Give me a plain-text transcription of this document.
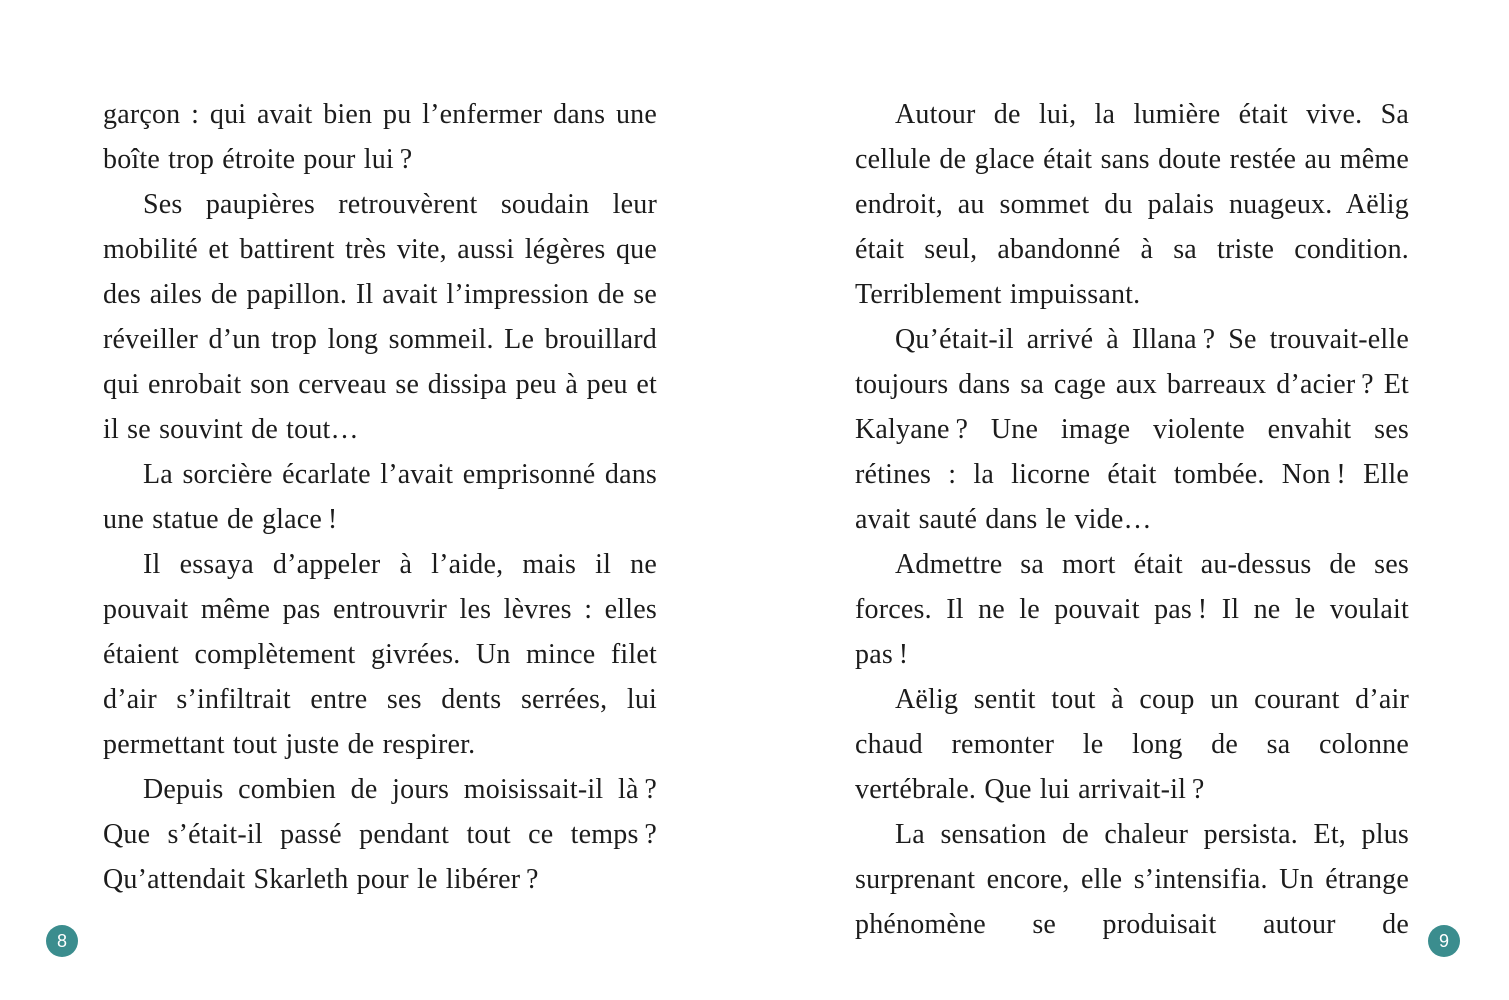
garçon : qui avait bien pu l’enfermer dans une boîte trop étroite pour lui ?

Ses paupières retrouvèrent soudain leur mobilité et battirent très vite, aussi légères que des ailes de papillon. Il avait l’impression de se réveiller d’un trop long sommeil. Le brouillard qui enrobait son cerveau se dissipa peu à peu et il se souvint de tout…

La sorcière écarlate l’avait emprisonné dans une statue de glace !

Il essaya d’appeler à l’aide, mais il ne pouvait même pas entrouvrir les lèvres : elles étaient complètement givrées. Un mince filet d’air s’infiltrait entre ses dents serrées, lui permettant tout juste de respirer.

Depuis combien de jours moisissait-il là ? Que s’était-il passé pendant tout ce temps ? Qu’attendait Skarleth pour le libérer ?

8

Autour de lui, la lumière était vive. Sa cellule de glace était sans doute restée au même endroit, au sommet du palais nuageux. Aëlig était seul, abandonné à sa triste condition. Terriblement impuissant.

Qu’était-il arrivé à Illana ? Se trouvait-elle toujours dans sa cage aux barreaux d’acier ? Et Kalyane ? Une image violente envahit ses rétines : la licorne était tombée. Non ! Elle avait sauté dans le vide…

Admettre sa mort était au-dessus de ses forces. Il ne le pouvait pas ! Il ne le voulait pas !

Aëlig sentit tout à coup un courant d’air chaud remonter le long de sa colonne vertébrale. Que lui arrivait-il ?

La sensation de chaleur persista. Et, plus surprenant encore, elle s’intensifia. Un étrange phénomène se produisait autour de

9
